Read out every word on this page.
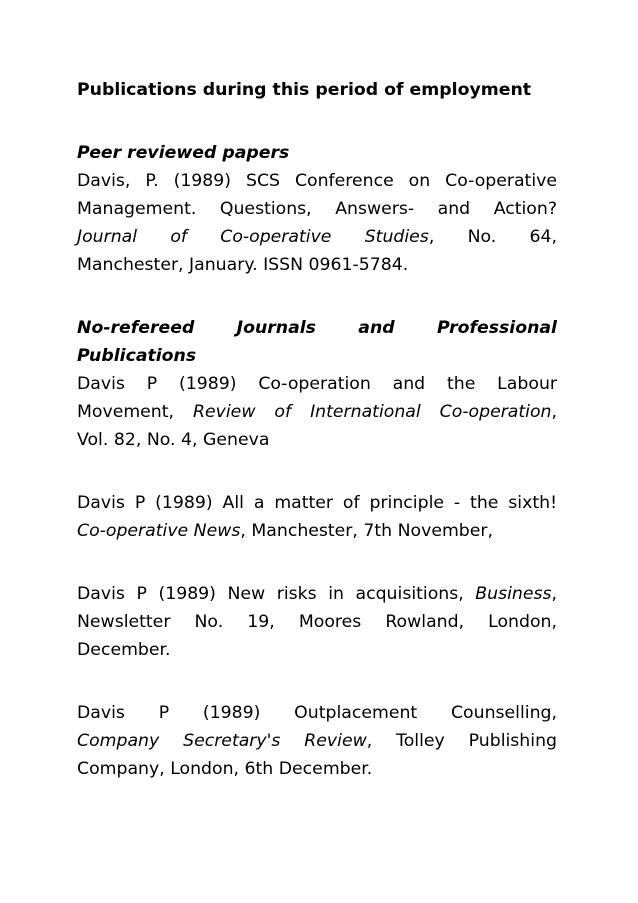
Publications during this period of employment

Peer reviewed papers

Davis, P. (1989) SCS Conference on Co-operative
Management. Questions, Answers- and Action?
Journal of Co-operative Studies, No. 64,
Manchester, January. ISSN 0961-5784.
No-refereed Journals and Professional
Publications
Davis P (1989) Co-operation and the Labour
Movement, Review of International Co-operation,
Vol. 82, No. 4, Geneva
Davis P (1989) All a matter of principle - the sixth!
Co-operative News, Manchester, 7th November,
Davis P (1989) New risks in acquisitions, Business,
Newsletter No. 19, Moores Rowland, London,
December.
Davis P (1989) Outplacement Counselling,
Company Secretary's Review, Tolley Publishing
Company, London, 6th December.
